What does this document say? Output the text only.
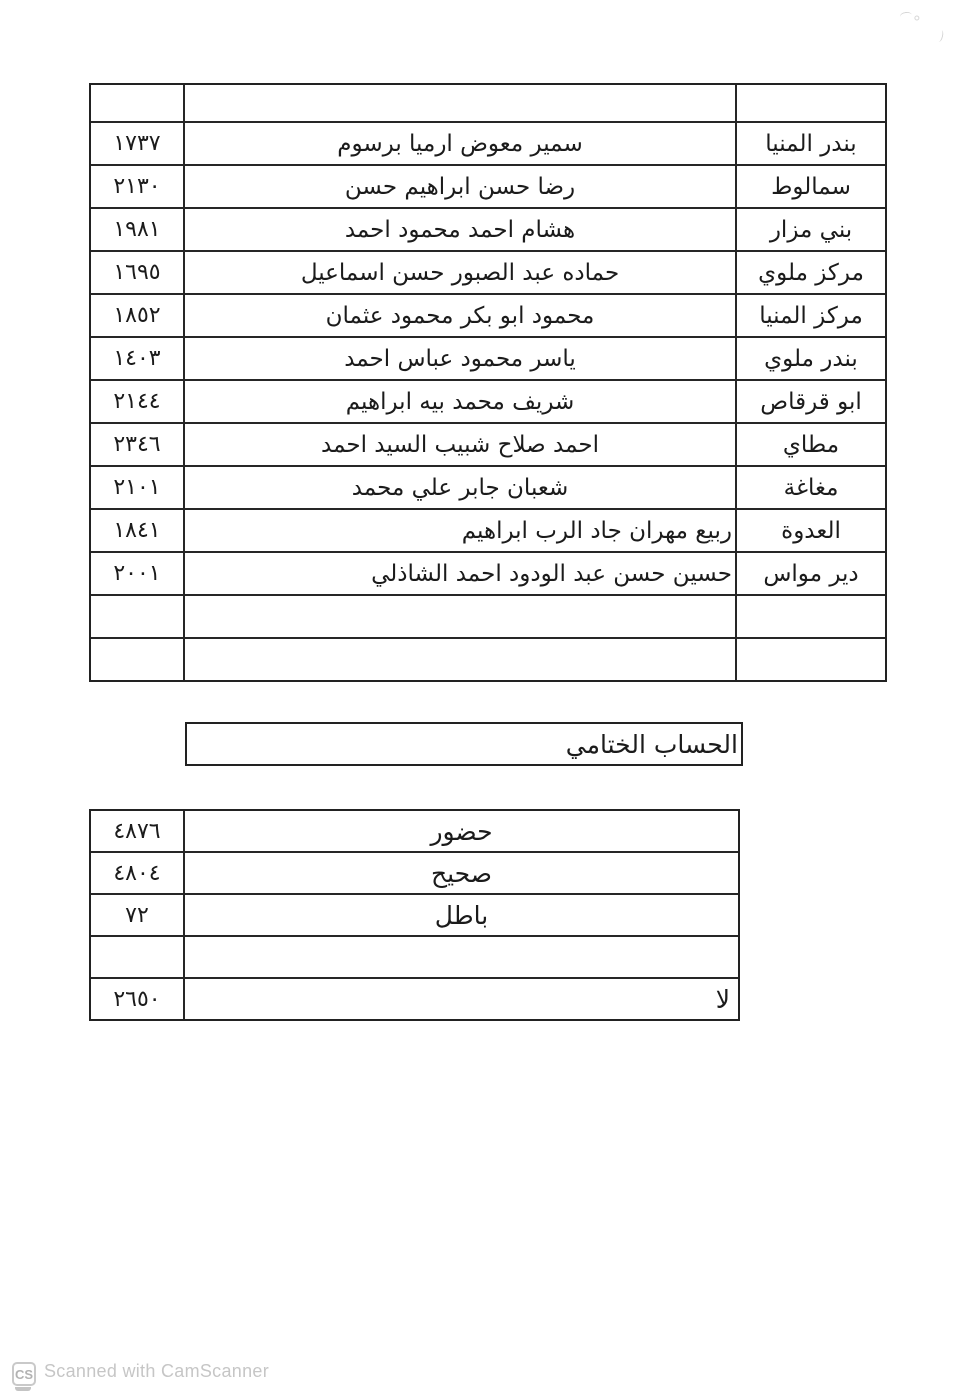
١٧٣٧	سمير معوض ارميا برسوم	بندر المنيا
٢١٣٠	رضا حسن ابراهيم حسن	سمالوط
١٩٨١	هشام احمد محمود احمد	بني مزار
١٦٩٥	حماده عبد الصبور حسن اسماعيل	مركز ملوي
١٨٥٢	محمود ابو بكر محمود عثمان	مركز المنيا
١٤٠٣	ياسر محمود عباس احمد	بندر ملوي
٢١٤٤	شريف محمد بيه ابراهيم	ابو قرقاص
٢٣٤٦	احمد صلاح شبيب السيد احمد	مطاي
٢١٠١	شعبان جابر علي محمد	مغاغة
١٨٤١	ربيع مهران جاد الرب ابراهيم	العدوة
٢٠٠١	حسين حسن عبد الودود احمد الشاذلي	دير مواس
الحساب الختامي
٤٨٧٦	حضور
٤٨٠٤	صحيح
٧٢	باطل
٢٦٥٠	لا
CS Scanned with CamScanner
